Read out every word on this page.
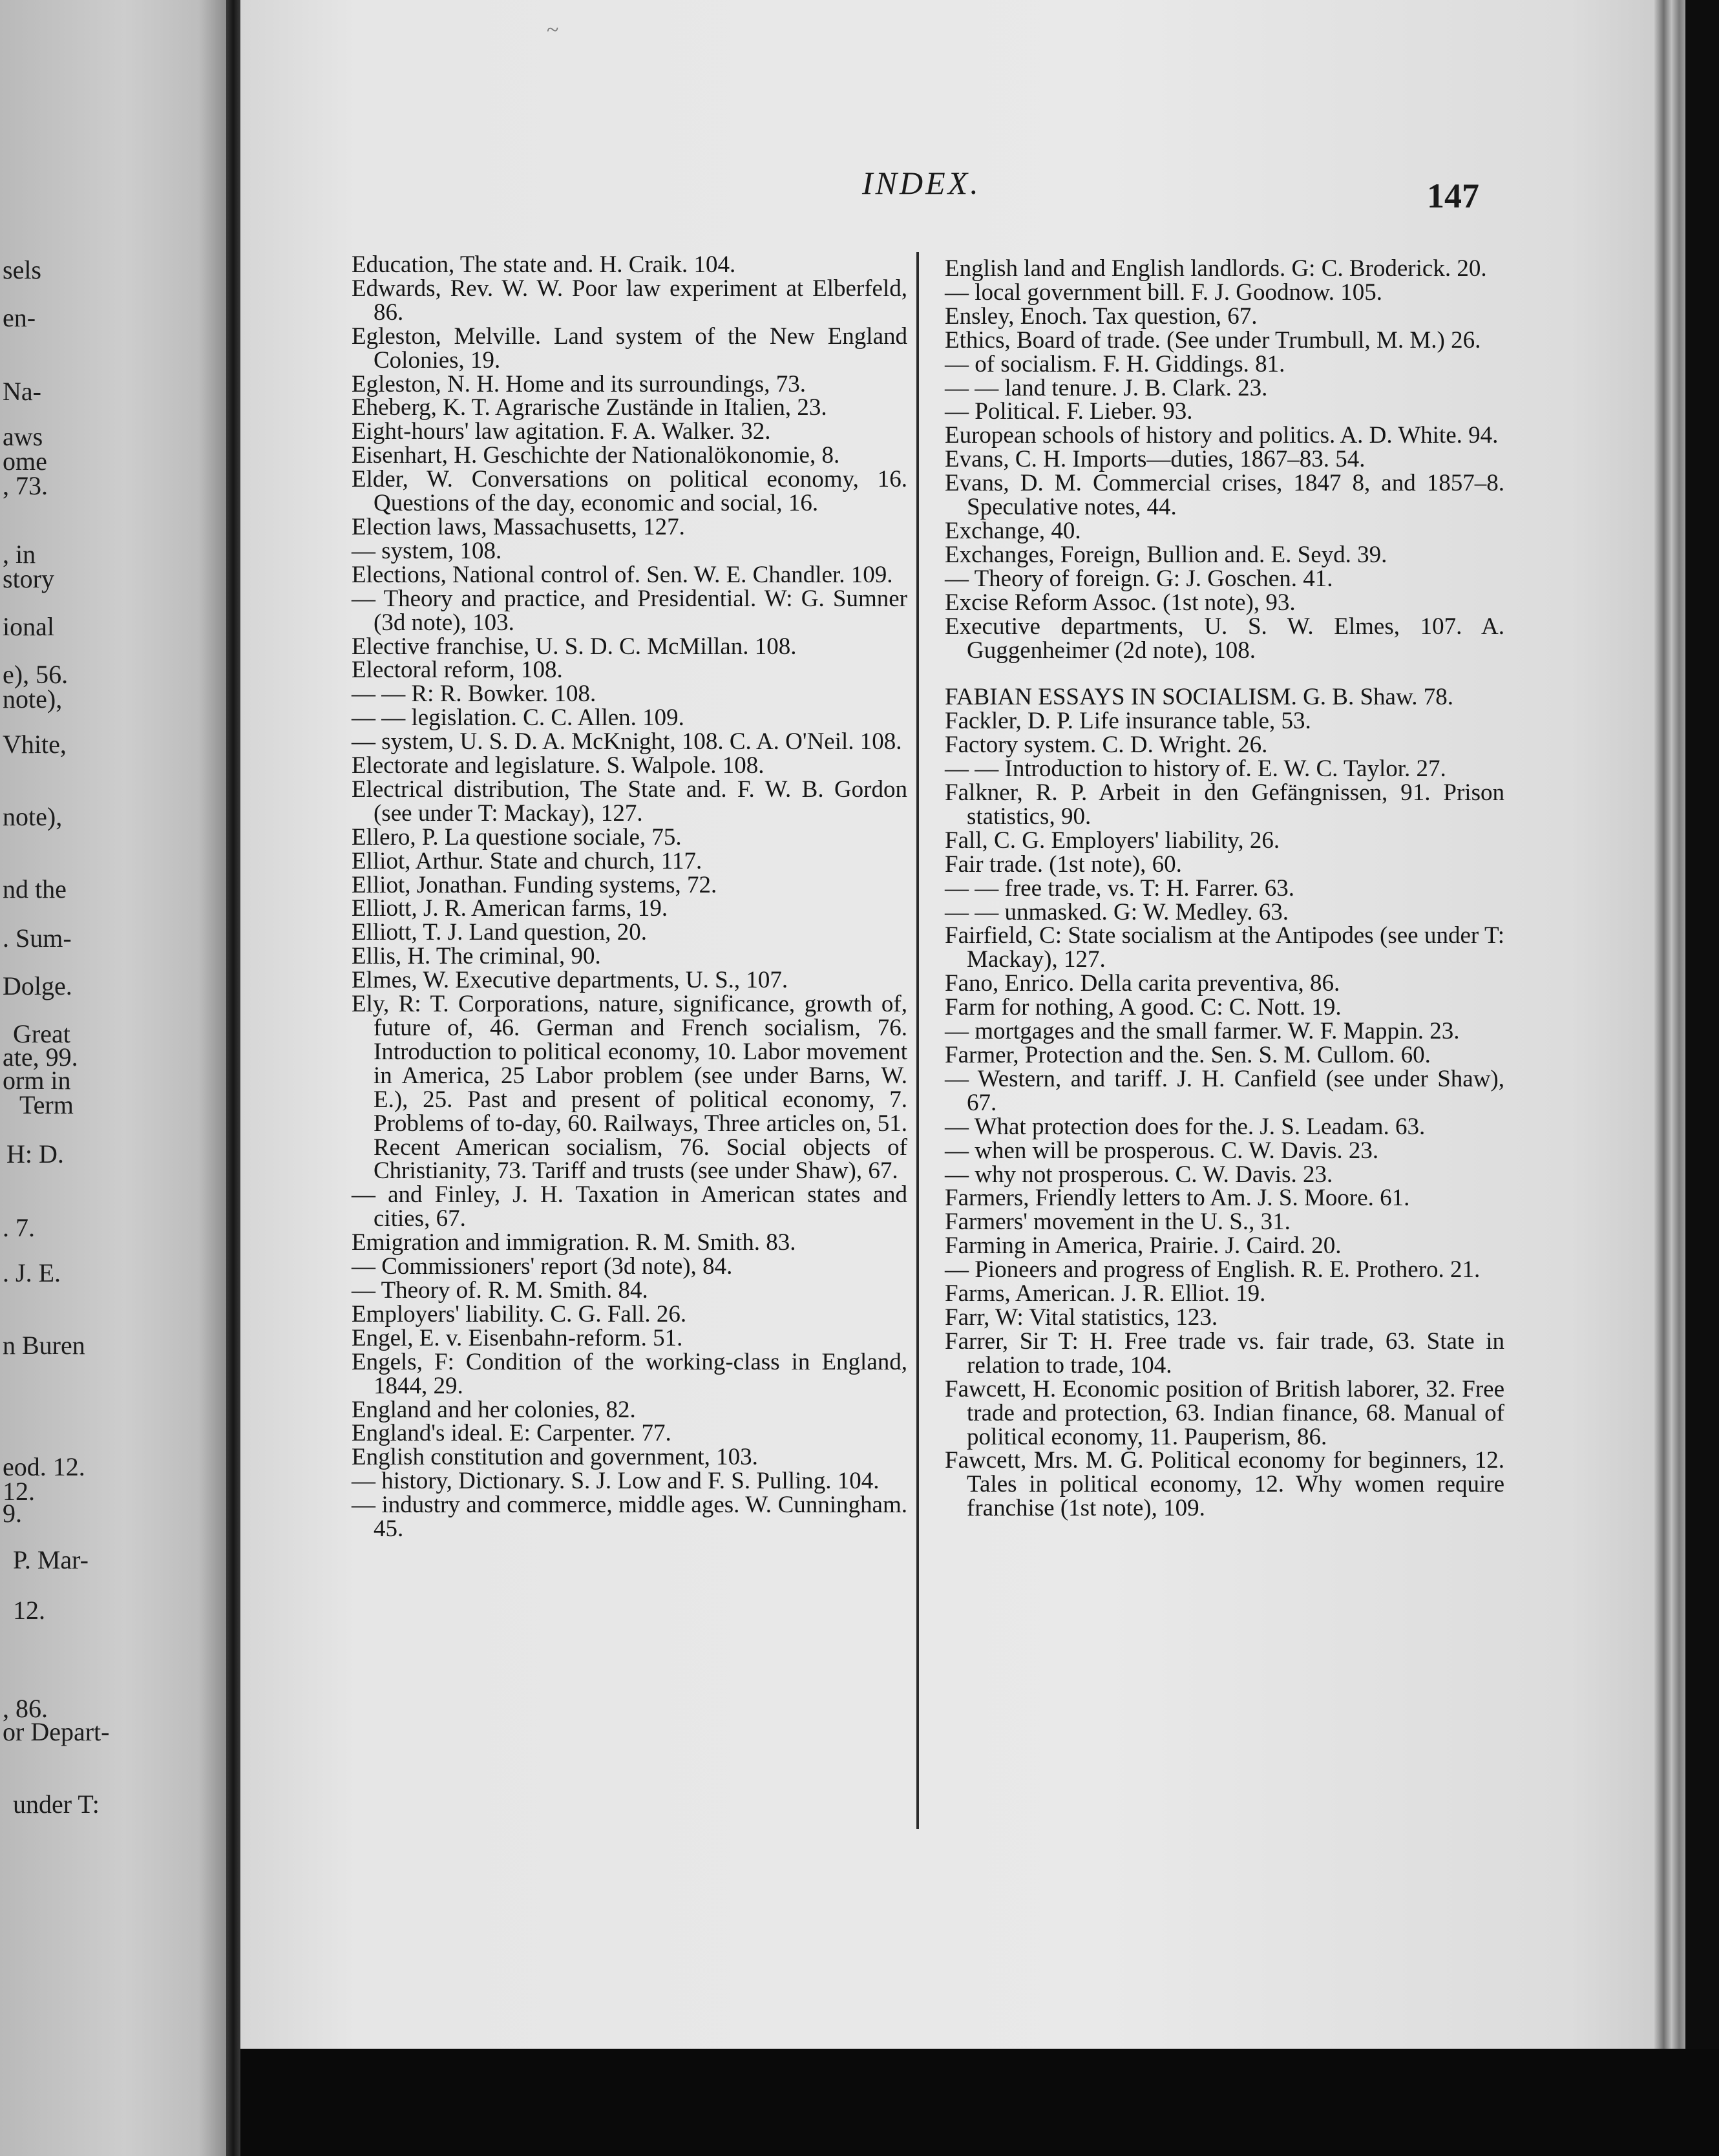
sels
en-
Na-
aws
ome
, 73.
, in
story
ional
e), 56.
note),
Vhite,
note),
nd the
. Sum-
Dolge.
Great
ate, 99.
orm in
Term
H: D.
. 7.
. J. E.
n Buren
eod. 12.
12.
9.
P. Mar-
12.
, 86.
or Depart-
under T:
~
INDEX.	147
Education, The state and. H. Craik. 104.
Edwards, Rev. W. W. Poor law experiment at Elberfeld, 86.
Egleston, Melville. Land system of the New England Colonies, 19.
Egleston, N. H. Home and its surroundings, 73.
Eheberg, K. T. Agrarische Zustände in Italien, 23.
Eight-hours' law agitation. F. A. Walker. 32.
Eisenhart, H. Geschichte der Nationalökonomie, 8.
Elder, W. Conversations on political economy, 16. Questions of the day, economic and social, 16.
Election laws, Massachusetts, 127.
— system, 108.
Elections, National control of. Sen. W. E. Chandler. 109.
— Theory and practice, and Presidential. W: G. Sumner (3d note), 103.
Elective franchise, U. S. D. C. McMillan. 108.
Electoral reform, 108.
— — R: R. Bowker. 108.
— — legislation. C. C. Allen. 109.
— system, U. S. D. A. McKnight, 108. C. A. O'Neil. 108.
Electorate and legislature. S. Walpole. 108.
Electrical distribution, The State and. F. W. B. Gordon (see under T: Mackay), 127.
Ellero, P. La questione sociale, 75.
Elliot, Arthur. State and church, 117.
Elliot, Jonathan. Funding systems, 72.
Elliott, J. R. American farms, 19.
Elliott, T. J. Land question, 20.
Ellis, H. The criminal, 90.
Elmes, W. Executive departments, U. S., 107.
Ely, R: T. Corporations, nature, significance, growth of, future of, 46. German and French socialism, 76. Introduction to political economy, 10. Labor movement in America, 25 Labor problem (see under Barns, W. E.), 25. Past and present of political economy, 7. Problems of to-day, 60. Railways, Three articles on, 51. Recent American socialism, 76. Social objects of Christianity, 73. Tariff and trusts (see under Shaw), 67.
— and Finley, J. H. Taxation in American states and cities, 67.
Emigration and immigration. R. M. Smith. 83.
— Commissioners' report (3d note), 84.
— Theory of. R. M. Smith. 84.
Employers' liability. C. G. Fall. 26.
Engel, E. v. Eisenbahn-reform. 51.
Engels, F: Condition of the working-class in England, 1844, 29.
England and her colonies, 82.
England's ideal. E: Carpenter. 77.
English constitution and government, 103.
— history, Dictionary. S. J. Low and F. S. Pulling. 104.
— industry and commerce, middle ages. W. Cunningham. 45.
English land and English landlords. G: C. Broderick. 20.
— local government bill. F. J. Goodnow. 105.
Ensley, Enoch. Tax question, 67.
Ethics, Board of trade. (See under Trumbull, M. M.) 26.
— of socialism. F. H. Giddings. 81.
— — land tenure. J. B. Clark. 23.
— Political. F. Lieber. 93.
European schools of history and politics. A. D. White. 94.
Evans, C. H. Imports—duties, 1867–83. 54.
Evans, D. M. Commercial crises, 1847 8, and 1857–8. Speculative notes, 44.
Exchange, 40.
Exchanges, Foreign, Bullion and. E. Seyd. 39.
— Theory of foreign. G: J. Goschen. 41.
Excise Reform Assoc. (1st note), 93.
Executive departments, U. S. W. Elmes, 107. A. Guggenheimer (2d note), 108.
FABIAN ESSAYS IN SOCIALISM. G. B. Shaw. 78.
Fackler, D. P. Life insurance table, 53.
Factory system. C. D. Wright. 26.
— — Introduction to history of. E. W. C. Taylor. 27.
Falkner, R. P. Arbeit in den Gefängnissen, 91. Prison statistics, 90.
Fall, C. G. Employers' liability, 26.
Fair trade. (1st note), 60.
— — free trade, vs. T: H. Farrer. 63.
— — unmasked. G: W. Medley. 63.
Fairfield, C: State socialism at the Antipodes (see under T: Mackay), 127.
Fano, Enrico. Della carita preventiva, 86.
Farm for nothing, A good. C: C. Nott. 19.
— mortgages and the small farmer. W. F. Mappin. 23.
Farmer, Protection and the. Sen. S. M. Cullom. 60.
— Western, and tariff. J. H. Canfield (see under Shaw), 67.
— What protection does for the. J. S. Leadam. 63.
— when will be prosperous. C. W. Davis. 23.
— why not prosperous. C. W. Davis. 23.
Farmers, Friendly letters to Am. J. S. Moore. 61.
Farmers' movement in the U. S., 31.
Farming in America, Prairie. J. Caird. 20.
— Pioneers and progress of English. R. E. Prothero. 21.
Farms, American. J. R. Elliot. 19.
Farr, W: Vital statistics, 123.
Farrer, Sir T: H. Free trade vs. fair trade, 63. State in relation to trade, 104.
Fawcett, H. Economic position of British laborer, 32. Free trade and protection, 63. Indian finance, 68. Manual of political economy, 11. Pauperism, 86.
Fawcett, Mrs. M. G. Political economy for beginners, 12. Tales in political economy, 12. Why women require franchise (1st note), 109.
